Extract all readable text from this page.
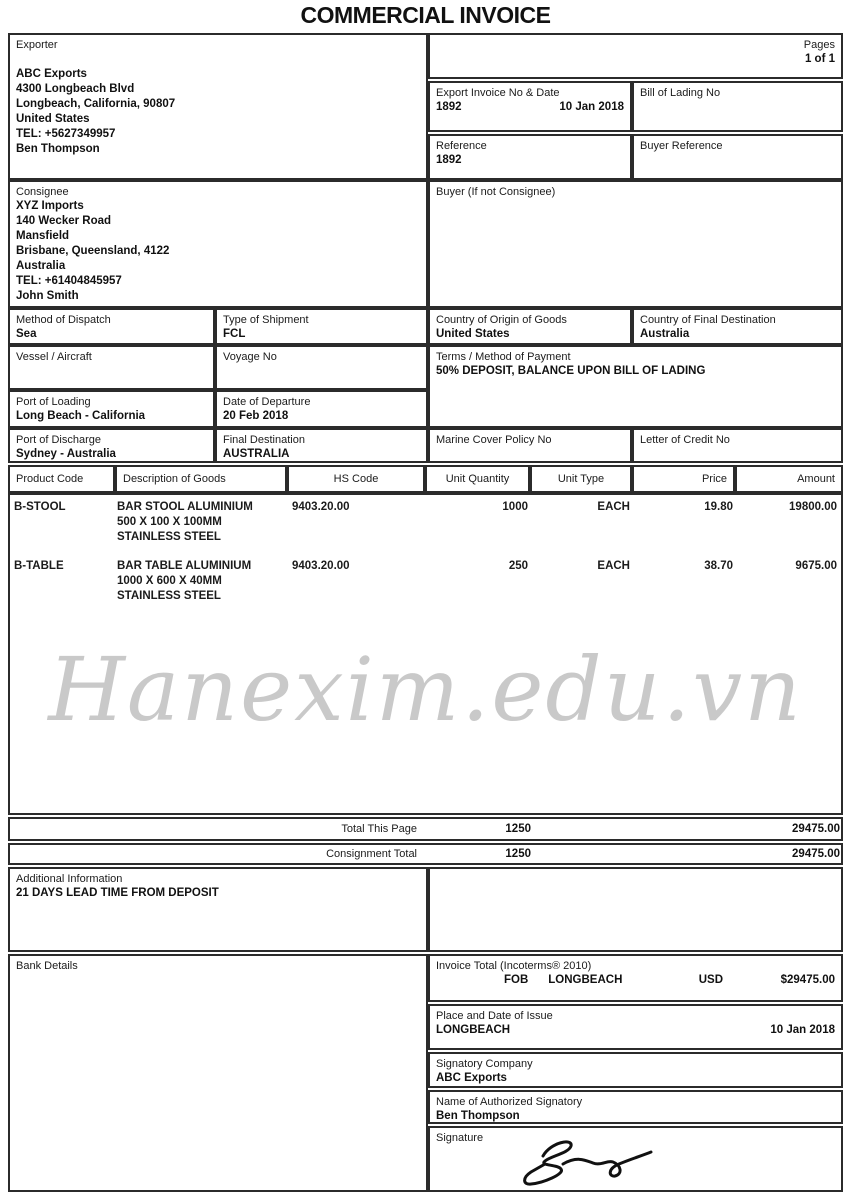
COMMERCIAL INVOICE
Hanexim.edu.vn
Exporter
ABC Exports
4300 Longbeach Blvd
Longbeach, California, 90807
United States
TEL: +5627349957
Ben Thompson
Pages
1 of 1
Export Invoice No & Date
1892	10 Jan 2018
Bill of Lading No
Reference
1892
Buyer Reference
Consignee
XYZ Imports
140 Wecker Road
Mansfield
Brisbane, Queensland, 4122
Australia
TEL: +61404845957
John Smith
Buyer (If not Consignee)
Method of Dispatch
Sea
Type of Shipment
FCL
Country of Origin of Goods
United States
Country of Final Destination
Australia
Vessel / Aircraft	Voyage No	Terms / Method of Payment
50% DEPOSIT, BALANCE UPON BILL OF LADING
Port of Loading
Long Beach - California
Date of Departure
20 Feb 2018
Port of Discharge
Sydney - Australia
Final Destination
AUSTRALIA
Marine Cover Policy No	Letter of Credit No
Product Code	Description of Goods	HS Code	Unit Quantity	Unit Type	Price	Amount
B-STOOL	BAR STOOL ALUMINIUM
500 X 100 X 100MM
STAINLESS STEEL
9403.20.00	1000	EACH	19.80	19800.00
B-TABLE	BAR TABLE ALUMINIUM
1000 X 600 X 40MM
STAINLESS STEEL
9403.20.00	250	EACH	38.70	9675.00
Total This Page	1250	29475.00
Consignment Total	1250	29475.00
Additional Information
21 DAYS LEAD TIME FROM DEPOSIT
Bank Details	Invoice Total (Incoterms® 2010)
FOB LONGBEACH	USD	$29475.00
Place and Date of Issue
LONGBEACH	10 Jan 2018
Signatory Company
ABC Exports
Name of Authorized Signatory
Ben Thompson
Signature
